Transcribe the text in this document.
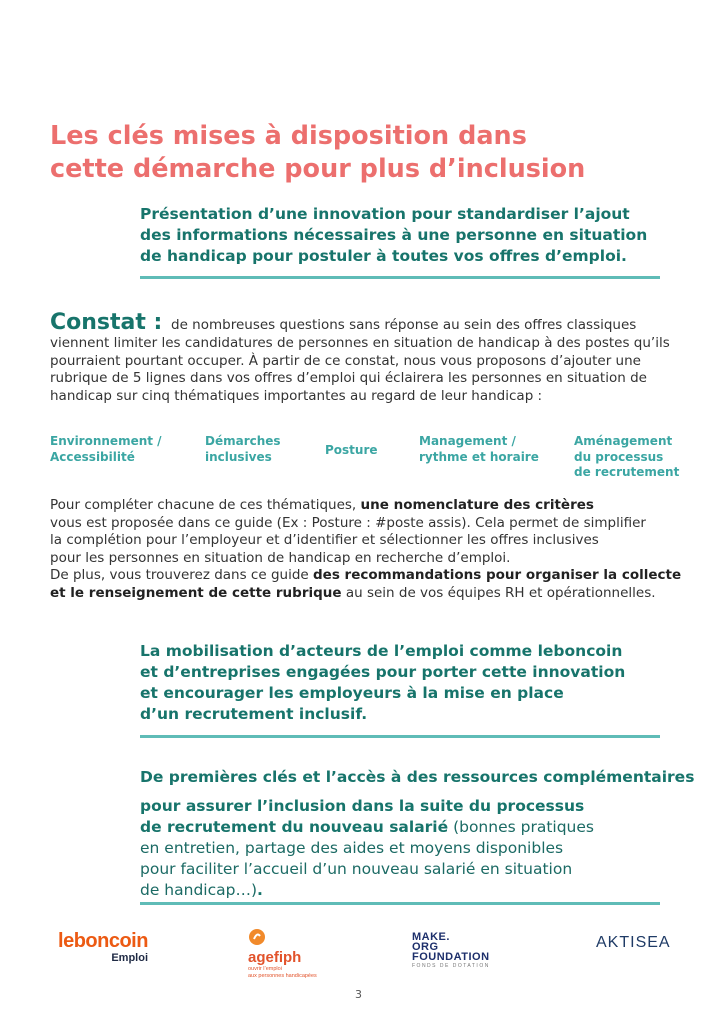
Les clés mises à disposition dans
cette démarche pour plus d’inclusion
Présentation d’une innovation pour standardiser l’ajout
des informations nécessaires à une personne en situation
de handicap pour postuler à toutes vos offres d’emploi.
Constat : de nombreuses questions sans réponse au sein des offres classiques
viennent limiter les candidatures de personnes en situation de handicap à des postes qu’ils
pourraient pourtant occuper. À partir de ce constat, nous vous proposons d’ajouter une
rubrique de 5 lignes dans vos offres d’emploi qui éclairera les personnes en situation de
handicap sur cinq thématiques importantes au regard de leur handicap :
Environnement /
Accessibilité
Démarches
inclusives	Posture
Management /
rythme et horaire
Aménagement
du processus
de recrutement
Pour compléter chacune de ces thématiques, une nomenclature des critères
vous est proposée dans ce guide (Ex : Posture : #poste assis). Cela permet de simplifier
la complétion pour l’employeur et d’identifier et sélectionner les offres inclusives
pour les personnes en situation de handicap en recherche d’emploi.
De plus, vous trouverez dans ce guide des recommandations pour organiser la collecte
et le renseignement de cette rubrique au sein de vos équipes RH et opérationnelles.
La mobilisation d’acteurs de l’emploi comme leboncoin
et d’entreprises engagées pour porter cette innovation
et encourager les employeurs à la mise en place
d’un recrutement inclusif.
De premières clés et l’accès à des ressources complémentaires
pour assurer l’inclusion dans la suite du processus
de recrutement du nouveau salarié (bonnes pratiques
en entretien, partage des aides et moyens disponibles
pour faciliter l’accueil d’un nouveau salarié en situation
de handicap…).
leboncoin
Emploi	agefiph
ouvrir l’emploi
aux personnes handicapées
MAKE.
ORG
FOUNDATION
FONDS DE DOTATION
AKTISEA
3
